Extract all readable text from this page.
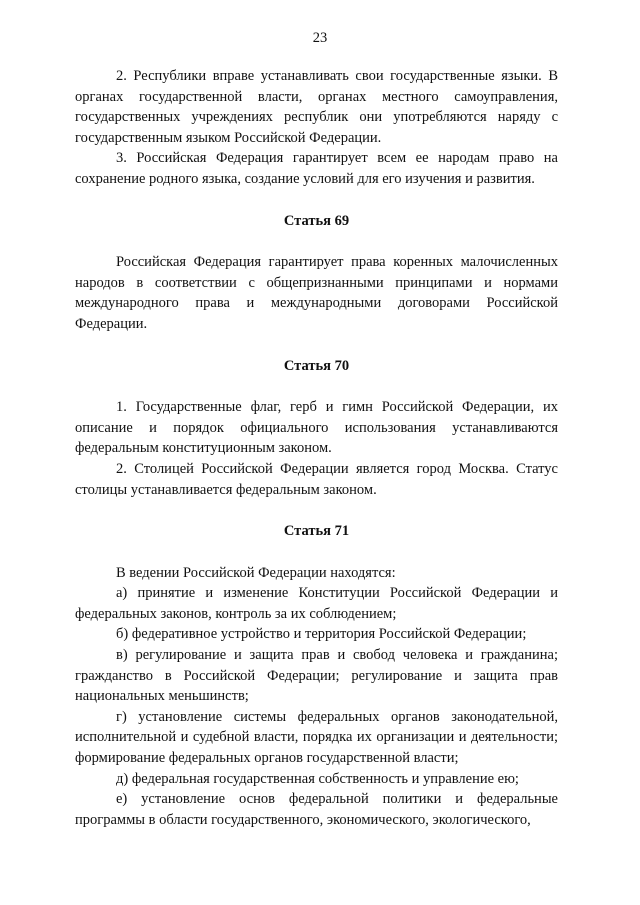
23

2. Республики вправе устанавливать свои государственные языки. В органах государственной власти, органах местного самоуправления, государственных учреждениях республик они употребляются наряду с государственным языком Российской Федерации.

3. Российская Федерация гарантирует всем ее народам право на сохранение родного языка, создание условий для его изучения и развития.

Статья 69

Российская Федерация гарантирует права коренных малочисленных народов в соответствии с общепризнанными принципами и нормами международного права и международными договорами Российской Федерации.

Статья 70

1. Государственные флаг, герб и гимн Российской Федерации, их описание и порядок официального использования устанавливаются федеральным конституционным законом.

2. Столицей Российской Федерации является город Москва. Статус столицы устанавливается федеральным законом.

Статья 71

В ведении Российской Федерации находятся:

а) принятие и изменение Конституции Российской Федерации и федеральных законов, контроль за их соблюдением;

б) федеративное устройство и территория Российской Федерации;

в) регулирование и защита прав и свобод человека и гражданина; гражданство в Российской Федерации; регулирование и защита прав национальных меньшинств;

г) установление системы федеральных органов законодательной, исполнительной и судебной власти, порядка их организации и деятельности; формирование федеральных органов государственной власти;

д) федеральная государственная собственность и управление ею;

е) установление основ федеральной политики и федеральные программы в области государственного, экономического, экологического,
